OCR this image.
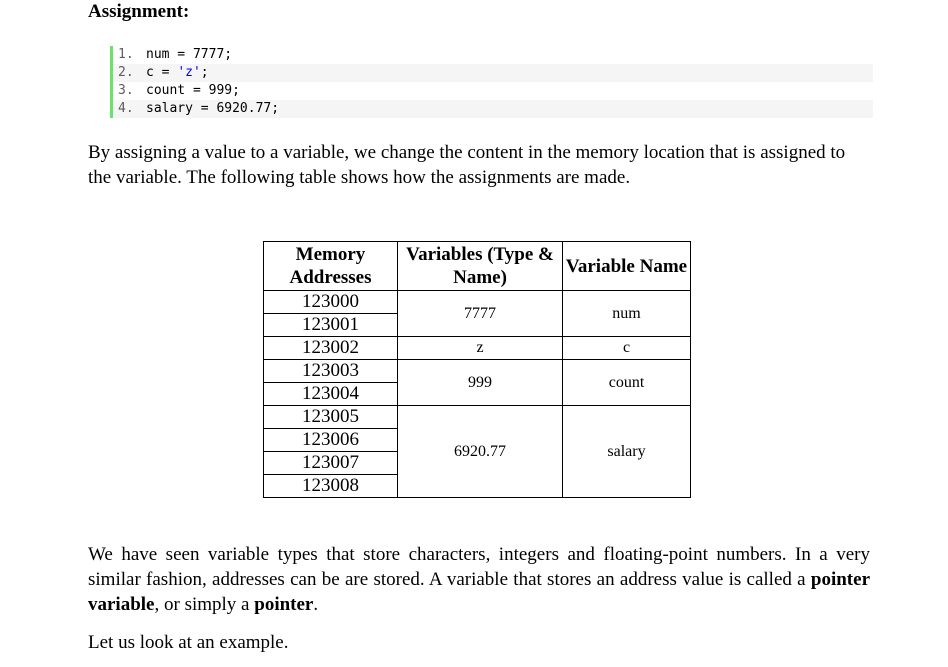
Assignment:
1. num = 7777;
2. c = 'z';
3. count = 999;
4. salary = 6920.77;

By assigning a value to a variable, we change the content in the memory location that is assigned to the variable. The following table shows how the assignments are made.

Memory Addresses	Variables (Type & Name)	Variable Name
123000	7777	num
123001		
123002	z	c
123003	999	count
123004		
123005	6920.77	salary
123006		
123007		
123008		

We have seen variable types that store characters, integers and floating-point numbers. In a very similar fashion, addresses can be are stored. A variable that stores an address value is called a pointer variable, or simply a pointer.

Let us look at an example.
